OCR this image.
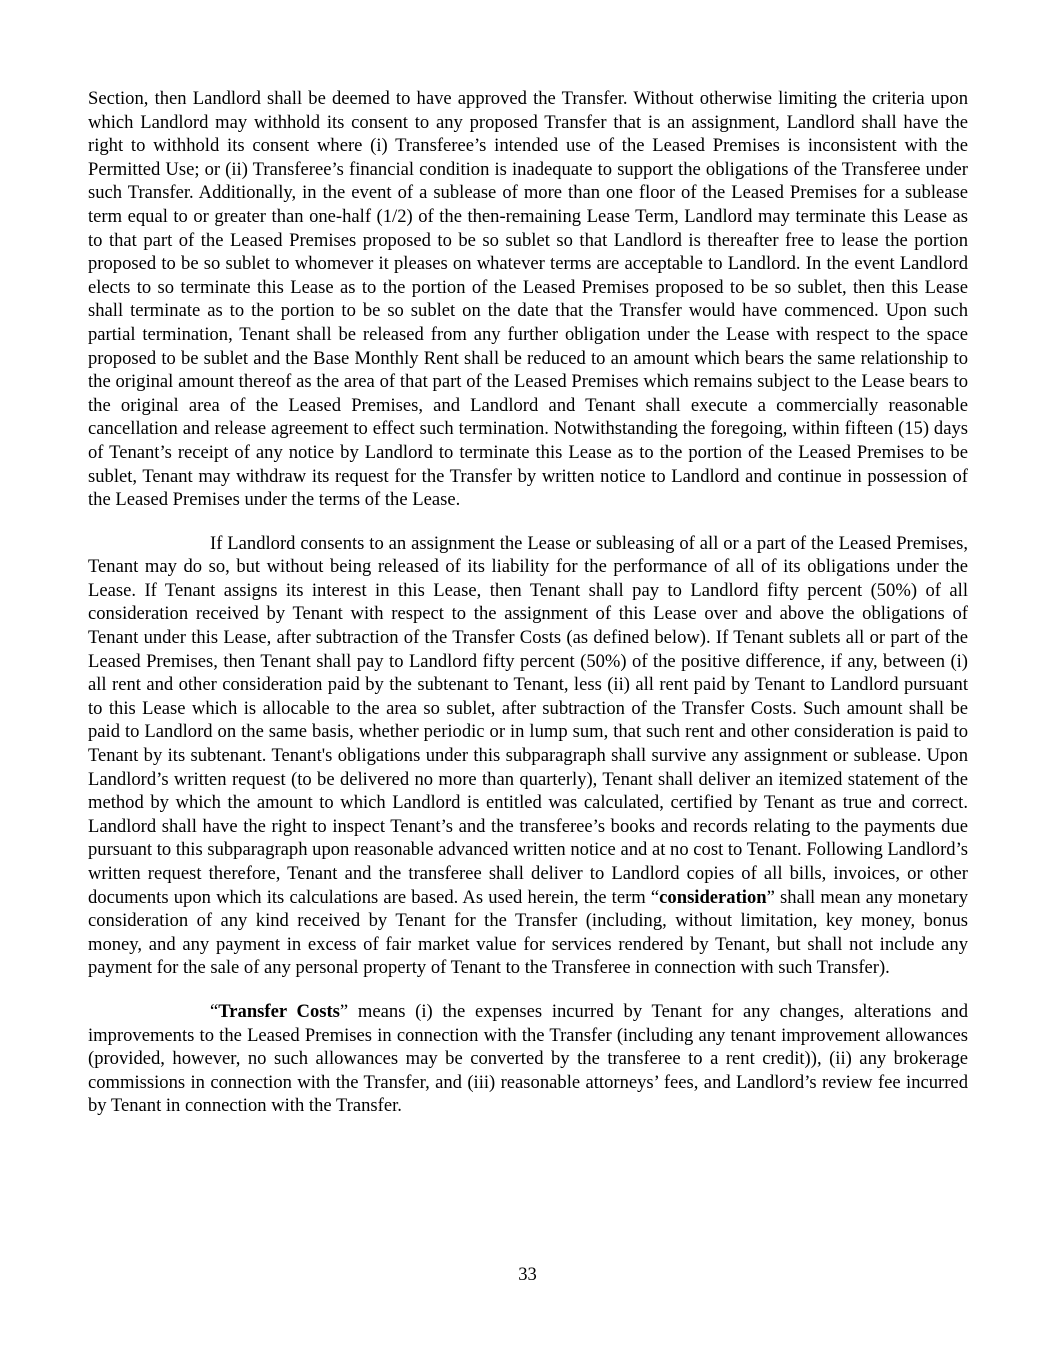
Section, then Landlord shall be deemed to have approved the Transfer. Without otherwise limiting the criteria upon which Landlord may withhold its consent to any proposed Transfer that is an assignment, Landlord shall have the right to withhold its consent where (i) Transferee’s intended use of the Leased Premises is inconsistent with the Permitted Use; or (ii) Transferee’s financial condition is inadequate to support the obligations of the Transferee under such Transfer. Additionally, in the event of a sublease of more than one floor of the Leased Premises for a sublease term equal to or greater than one-half (1/2) of the then-remaining Lease Term, Landlord may terminate this Lease as to that part of the Leased Premises proposed to be so sublet so that Landlord is thereafter free to lease the portion proposed to be so sublet to whomever it pleases on whatever terms are acceptable to Landlord. In the event Landlord elects to so terminate this Lease as to the portion of the Leased Premises proposed to be so sublet, then this Lease shall terminate as to the portion to be so sublet on the date that the Transfer would have commenced. Upon such partial termination, Tenant shall be released from any further obligation under the Lease with respect to the space proposed to be sublet and the Base Monthly Rent shall be reduced to an amount which bears the same relationship to the original amount thereof as the area of that part of the Leased Premises which remains subject to the Lease bears to the original area of the Leased Premises, and Landlord and Tenant shall execute a commercially reasonable cancellation and release agreement to effect such termination. Notwithstanding the foregoing, within fifteen (15) days of Tenant’s receipt of any notice by Landlord to terminate this Lease as to the portion of the Leased Premises to be sublet, Tenant may withdraw its request for the Transfer by written notice to Landlord and continue in possession of the Leased Premises under the terms of the Lease.

If Landlord consents to an assignment the Lease or subleasing of all or a part of the Leased Premises, Tenant may do so, but without being released of its liability for the performance of all of its obligations under the Lease. If Tenant assigns its interest in this Lease, then Tenant shall pay to Landlord fifty percent (50%) of all consideration received by Tenant with respect to the assignment of this Lease over and above the obligations of Tenant under this Lease, after subtraction of the Transfer Costs (as defined below). If Tenant sublets all or part of the Leased Premises, then Tenant shall pay to Landlord fifty percent (50%) of the positive difference, if any, between (i) all rent and other consideration paid by the subtenant to Tenant, less (ii) all rent paid by Tenant to Landlord pursuant to this Lease which is allocable to the area so sublet, after subtraction of the Transfer Costs. Such amount shall be paid to Landlord on the same basis, whether periodic or in lump sum, that such rent and other consideration is paid to Tenant by its subtenant. Tenant's obligations under this subparagraph shall survive any assignment or sublease. Upon Landlord’s written request (to be delivered no more than quarterly), Tenant shall deliver an itemized statement of the method by which the amount to which Landlord is entitled was calculated, certified by Tenant as true and correct. Landlord shall have the right to inspect Tenant’s and the transferee’s books and records relating to the payments due pursuant to this subparagraph upon reasonable advanced written notice and at no cost to Tenant. Following Landlord’s written request therefore, Tenant and the transferee shall deliver to Landlord copies of all bills, invoices, or other documents upon which its calculations are based. As used herein, the term “consideration” shall mean any monetary consideration of any kind received by Tenant for the Transfer (including, without limitation, key money, bonus money, and any payment in excess of fair market value for services rendered by Tenant, but shall not include any payment for the sale of any personal property of Tenant to the Transferee in connection with such Transfer).

“Transfer Costs” means (i) the expenses incurred by Tenant for any changes, alterations and improvements to the Leased Premises in connection with the Transfer (including any tenant improvement allowances (provided, however, no such allowances may be converted by the transferee to a rent credit)), (ii) any brokerage commissions in connection with the Transfer, and (iii) reasonable attorneys’ fees, and Landlord’s review fee incurred by Tenant in connection with the Transfer.

33
